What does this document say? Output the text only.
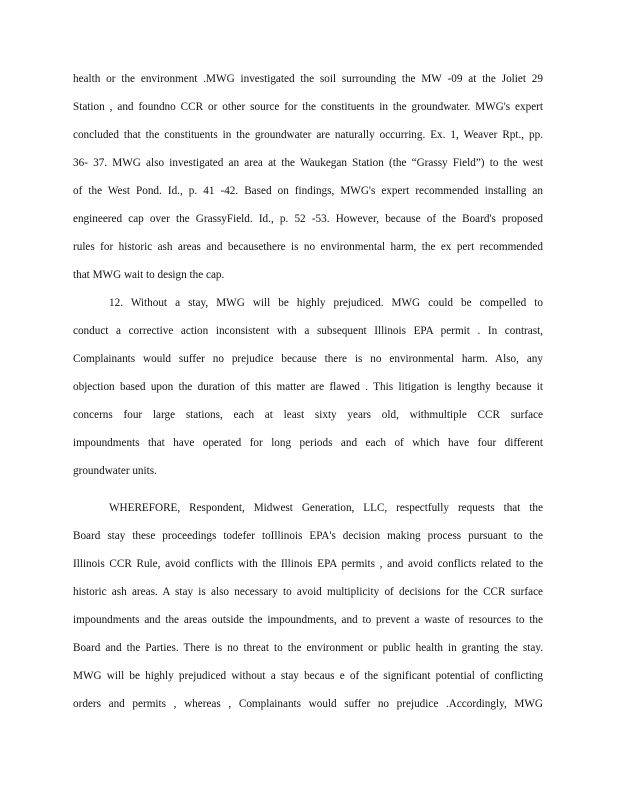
health or the environment .MWG investigated the soil surrounding the MW -09 at the Joliet 29
Station , and foundno CCR or other source for the constituents in the groundwater. MWG's expert
concluded that the constituents in the groundwater are naturally occurring. Ex. 1, Weaver Rpt., pp.
36- 37. MWG also investigated an area at the Waukegan Station (the “Grassy Field”) to the west
of the West Pond. Id., p. 41 -42. Based on findings, MWG's expert recommended installing an
engineered cap over the GrassyField. Id., p. 52 -53. However, because of the Board's proposed
rules for historic ash areas and becausethere is no environmental harm, the ex pert recommended
that MWG wait to design the cap.
12. Without a stay, MWG will be highly prejudiced. MWG could be compelled to
conduct a corrective action inconsistent with a subsequent Illinois EPA permit . In contrast,
Complainants would suffer no prejudice because there is no environmental harm. Also, any
objection based upon the duration of this matter are flawed . This litigation is lengthy because it
concerns four large stations, each at least sixty years old, withmultiple CCR surface
impoundments that have operated for long periods and each of which have four different
groundwater units.
WHEREFORE, Respondent, Midwest Generation, LLC, respectfully requests that the
Board stay these proceedings todefer toIllinois EPA's decision making process pursuant to the
Illinois CCR Rule, avoid conflicts with the Illinois EPA permits , and avoid conflicts related to the
historic ash areas. A stay is also necessary to avoid multiplicity of decisions for the CCR surface
impoundments and the areas outside the impoundments, and to prevent a waste of resources to the
Board and the Parties. There is no threat to the environment or public health in granting the stay.
MWG will be highly prejudiced without a stay becaus e of the significant potential of conflicting
orders and permits , whereas , Complainants would suffer no prejudice .Accordingly, MWG
